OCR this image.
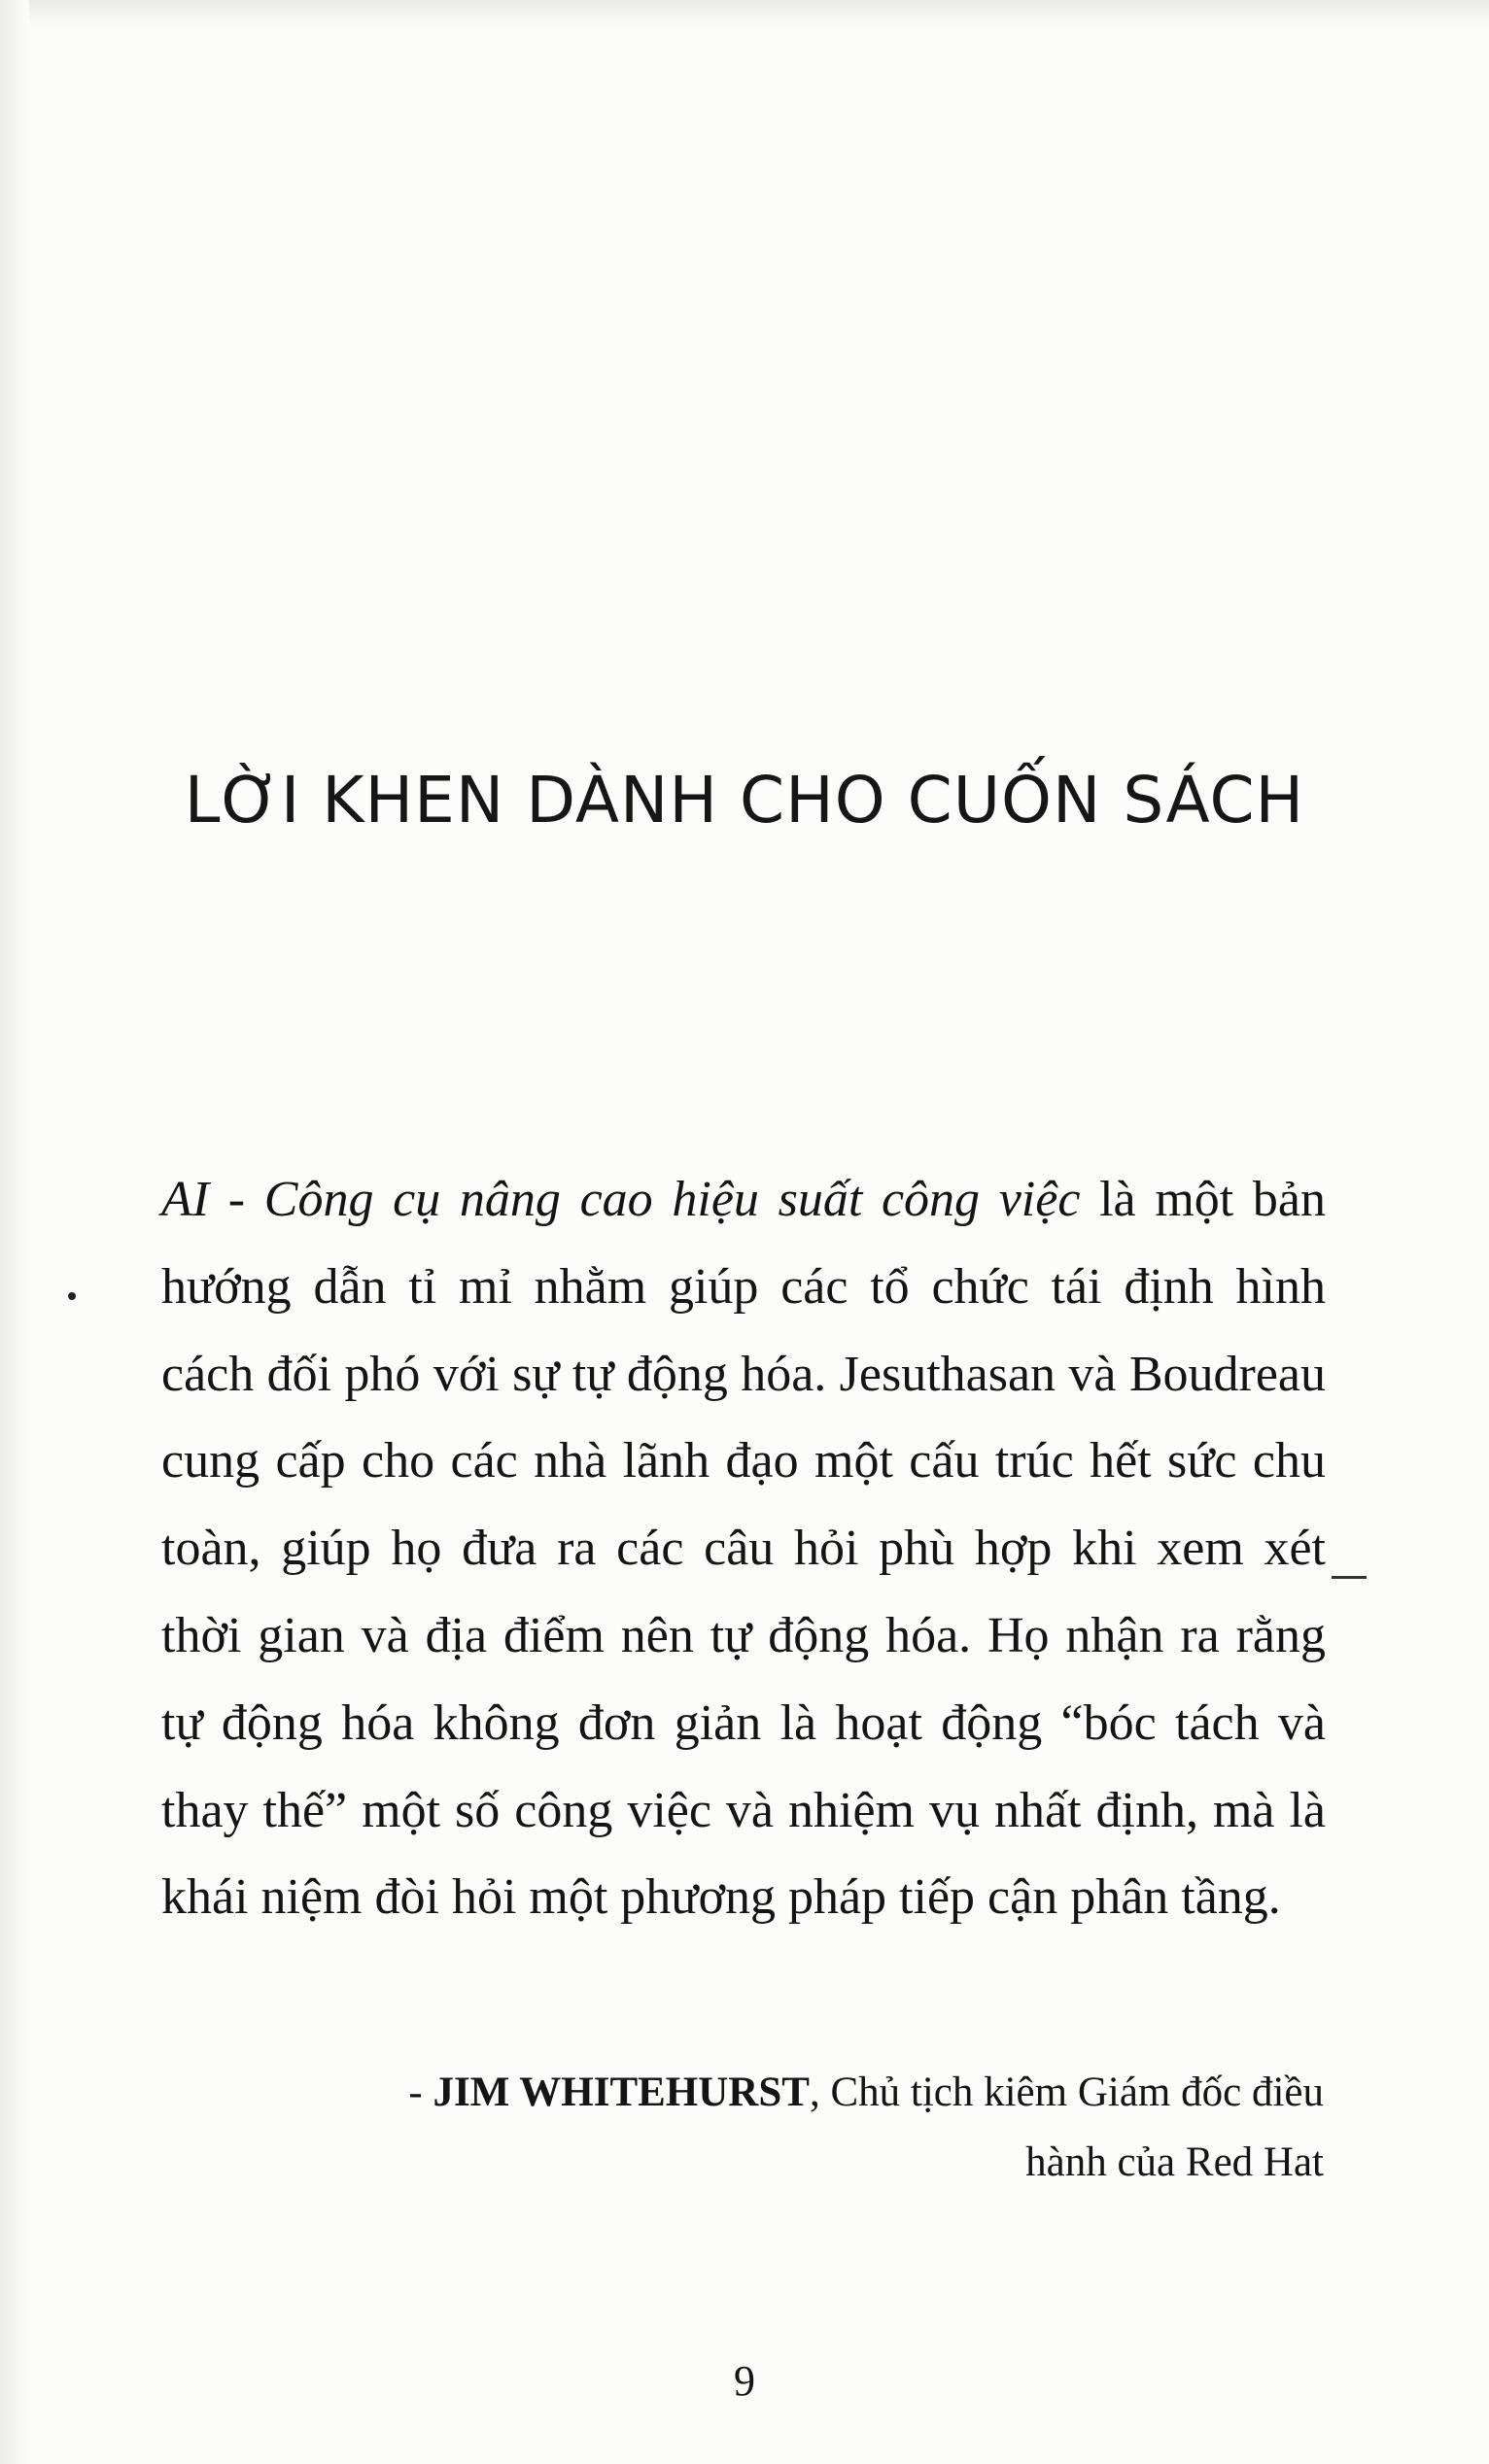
LỜI KHEN DÀNH CHO CUỐN SÁCH

AI - Công cụ nâng cao hiệu suất công việc là một bản hướng dẫn tỉ mỉ nhằm giúp các tổ chức tái định hình cách đối phó với sự tự động hóa. Jesuthasan và Boudreau cung cấp cho các nhà lãnh đạo một cấu trúc hết sức chu toàn, giúp họ đưa ra các câu hỏi phù hợp khi xem xét thời gian và địa điểm nên tự động hóa. Họ nhận ra rằng tự động hóa không đơn giản là hoạt động “bóc tách và thay thế” một số công việc và nhiệm vụ nhất định, mà là khái niệm đòi hỏi một phương pháp tiếp cận phân tầng.

- JIM WHITEHURST, Chủ tịch kiêm Giám đốc điều hành của Red Hat

9
